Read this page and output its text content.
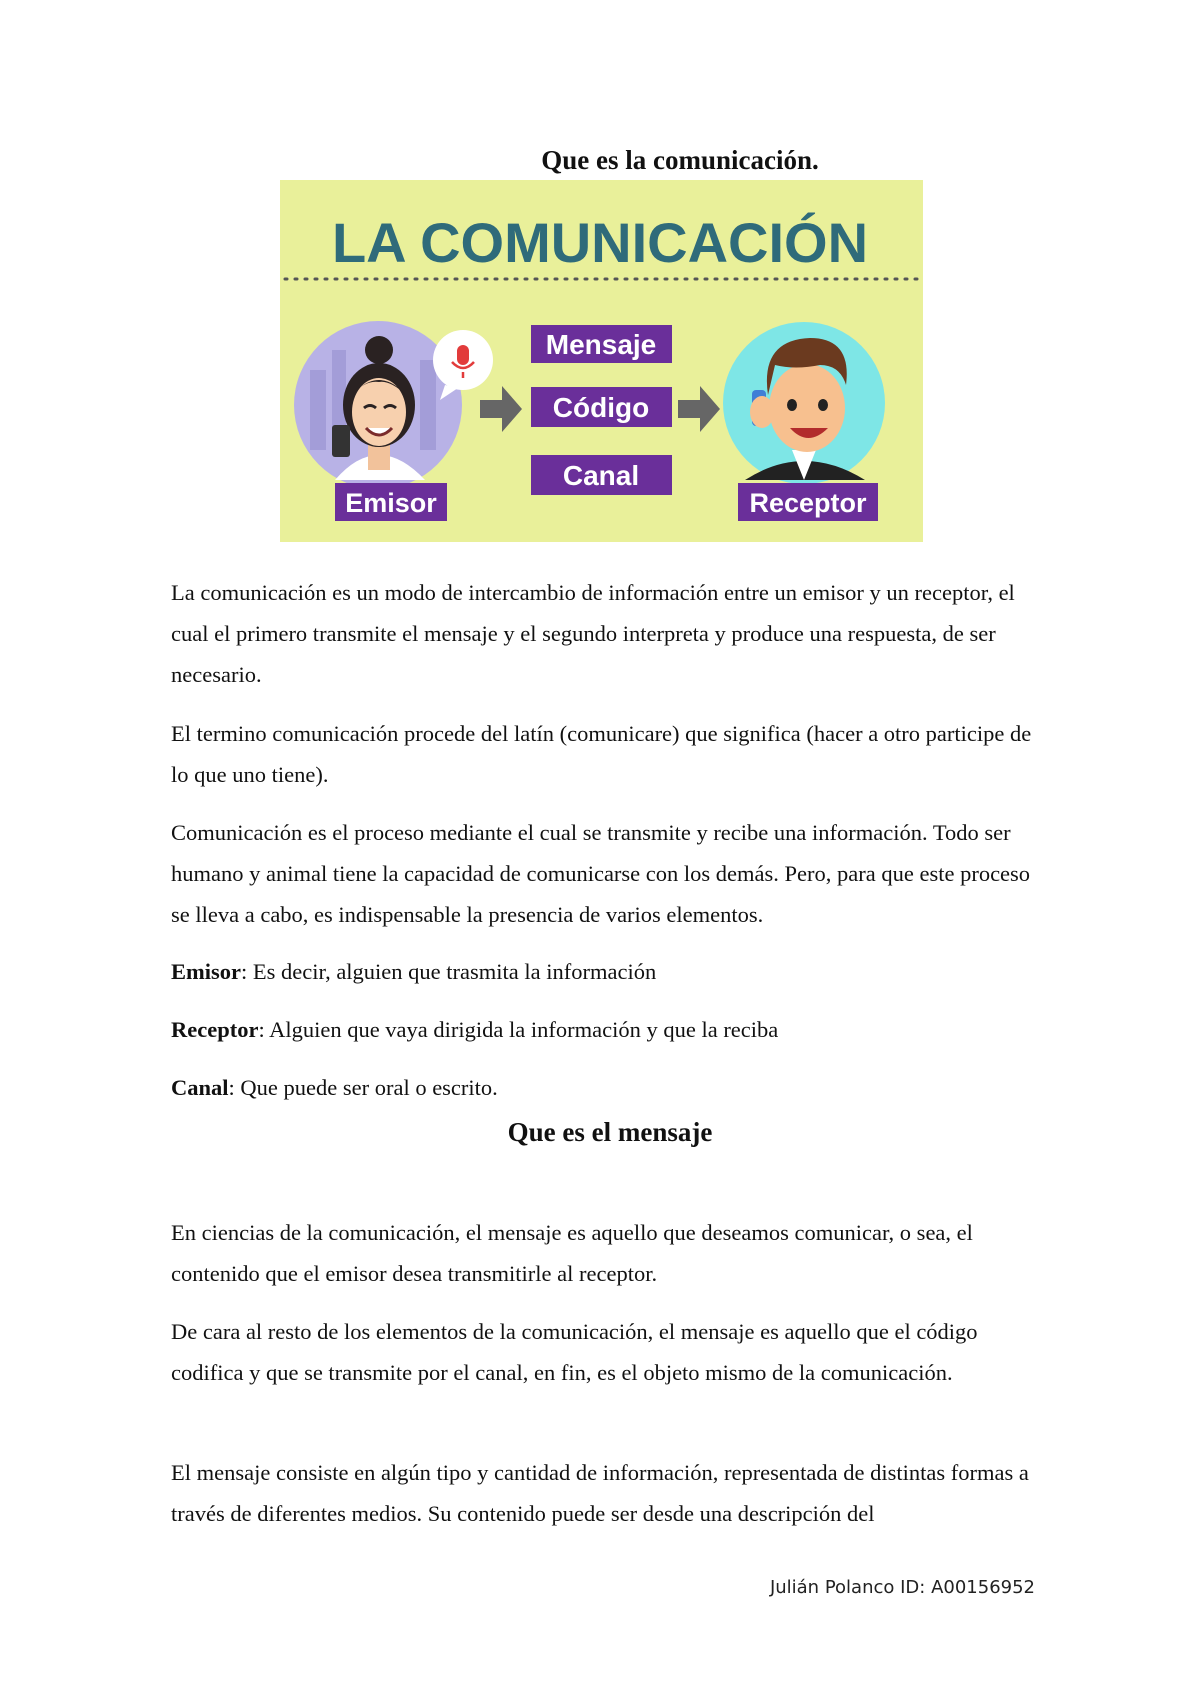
Que es la comunicación.
LA COMUNICACIÓN
Emisor
Mensaje
Código
Canal
Receptor

La comunicación es un modo de intercambio de información entre un emisor y un receptor, el cual el primero transmite el mensaje y el segundo interpreta y produce una respuesta, de ser necesario.

El termino comunicación procede del latín (comunicare) que significa (hacer a otro participe de lo que uno tiene).

Comunicación es el proceso mediante el cual se transmite y recibe una información. Todo ser humano y animal tiene la capacidad de comunicarse con los demás. Pero, para que este proceso se lleva a cabo, es indispensable la presencia de varios elementos.

Emisor: Es decir, alguien que trasmita la información

Receptor: Alguien que vaya dirigida la información y que la reciba

Canal: Que puede ser oral o escrito.

Que es el mensaje

En ciencias de la comunicación, el mensaje es aquello que deseamos comunicar, o sea, el contenido que el emisor desea transmitirle al receptor.

De cara al resto de los elementos de la comunicación, el mensaje es aquello que el código codifica y que se transmite por el canal, en fin, es el objeto mismo de la comunicación.

El mensaje consiste en algún tipo y cantidad de información, representada de distintas formas a través de diferentes medios. Su contenido puede ser desde una descripción del

Julián Polanco ID: A00156952
